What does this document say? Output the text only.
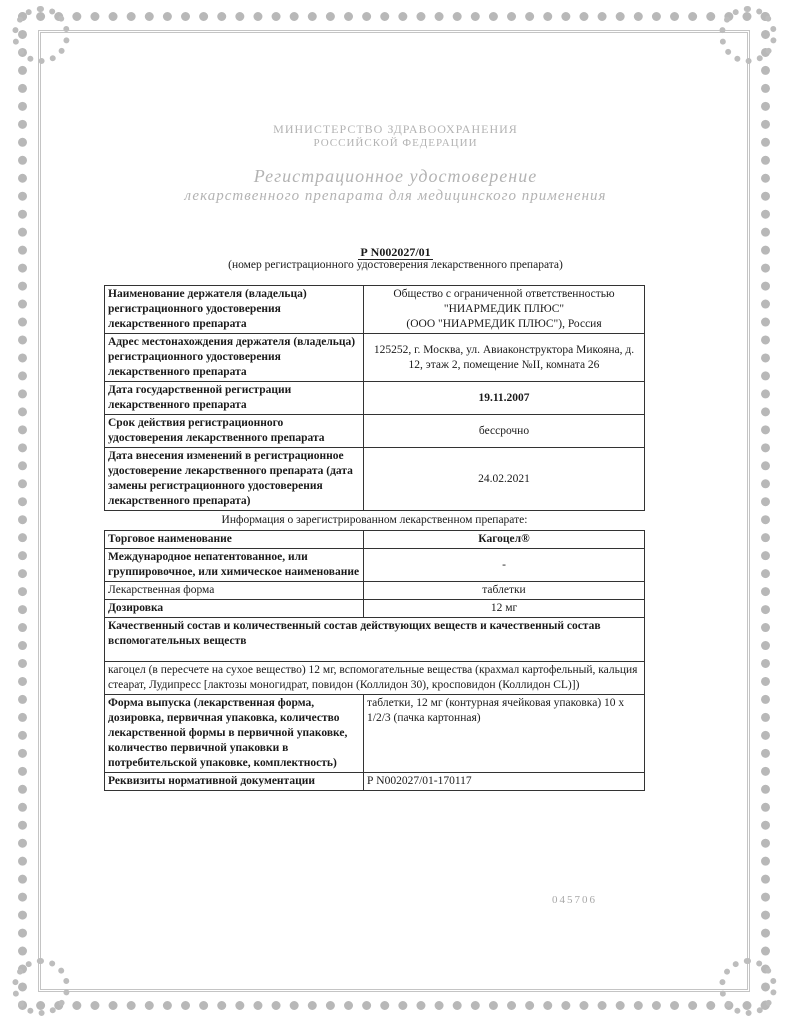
МИНИСТЕРСТВО ЗДРАВООХРАНЕНИЯ
РОССИЙСКОЙ ФЕДЕРАЦИИ
Регистрационное удостоверение
лекарственного препарата для медицинского применения
Р N002027/01
(номер регистрационного удостоверения лекарственного препарата)
Наименование держателя (владельца) регистрационного удостоверения лекарственного препарата	Общество с ограниченной ответственностью
"НИАРМЕДИК ПЛЮС"
(ООО "НИАРМЕДИК ПЛЮС"), Россия

Адрес местонахождения держателя (владельца) регистрационного удостоверения лекарственного препарата	125252, г. Москва, ул. Авиаконструктора Микояна, д. 12, этаж 2, помещение №II, комната 26
Дата государственной регистрации лекарственного препарата	19.11.2007
Срок действия регистрационного удостоверения лекарственного препарата	бессрочно
Дата внесения изменений в регистрационное удостоверение лекарственного препарата (дата замены регистрационного удостоверения лекарственного препарата)	24.02.2021
Информация о зарегистрированном лекарственном препарате:	
Торговое наименование	Кагоцел®
Международное непатентованное, или группировочное, или химическое наименование	-
Лекарственная форма	таблетки
Дозировка	12 мг
Качественный состав и количественный состав действующих веществ и качественный состав вспомогательных веществ	
кагоцел (в пересчете на сухое вещество) 12 мг, вспомогательные вещества (крахмал картофельный, кальция стеарат, Лудипресс [лактозы моногидрат, повидон (Коллидон 30), кросповидон (Коллидон CL)])	
Форма выпуска (лекарственная форма, дозировка, первичная упаковка, количество лекарственной формы в первичной упаковке, количество первичной упаковки в потребительской упаковке, комплектность)	таблетки, 12 мг (контурная ячейковая упаковка) 10 x 1/2/3 (пачка картонная)
Реквизиты нормативной документации	Р N002027/01-170117
045706
